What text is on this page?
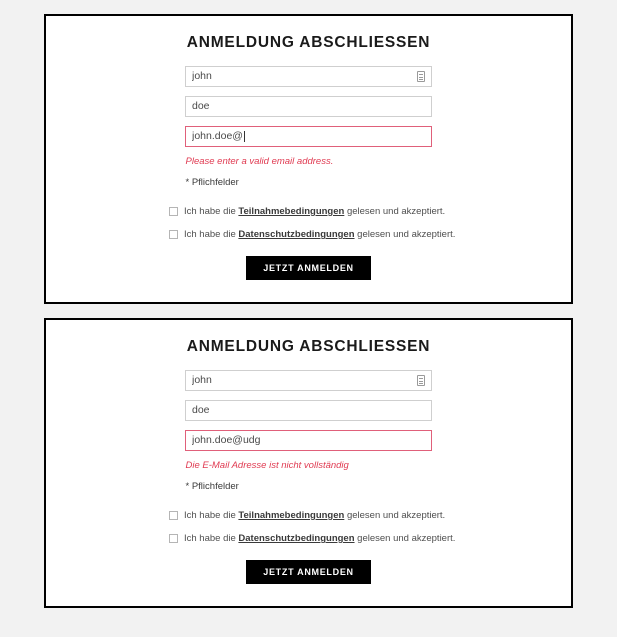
ANMELDUNG ABSCHLIESSEN
john
doe
john.doe@
Please enter a valid email address.
* Pflichfelder
Ich habe die Teilnahmebedingungen gelesen und akzeptiert.
Ich habe die Datenschutzbedingungen gelesen und akzeptiert.
JETZT ANMELDEN
ANMELDUNG ABSCHLIESSEN
john
doe
john.doe@udg
Die E-Mail Adresse ist nicht vollständig
* Pflichfelder
Ich habe die Teilnahmebedingungen gelesen und akzeptiert.
Ich habe die Datenschutzbedingungen gelesen und akzeptiert.
JETZT ANMELDEN
